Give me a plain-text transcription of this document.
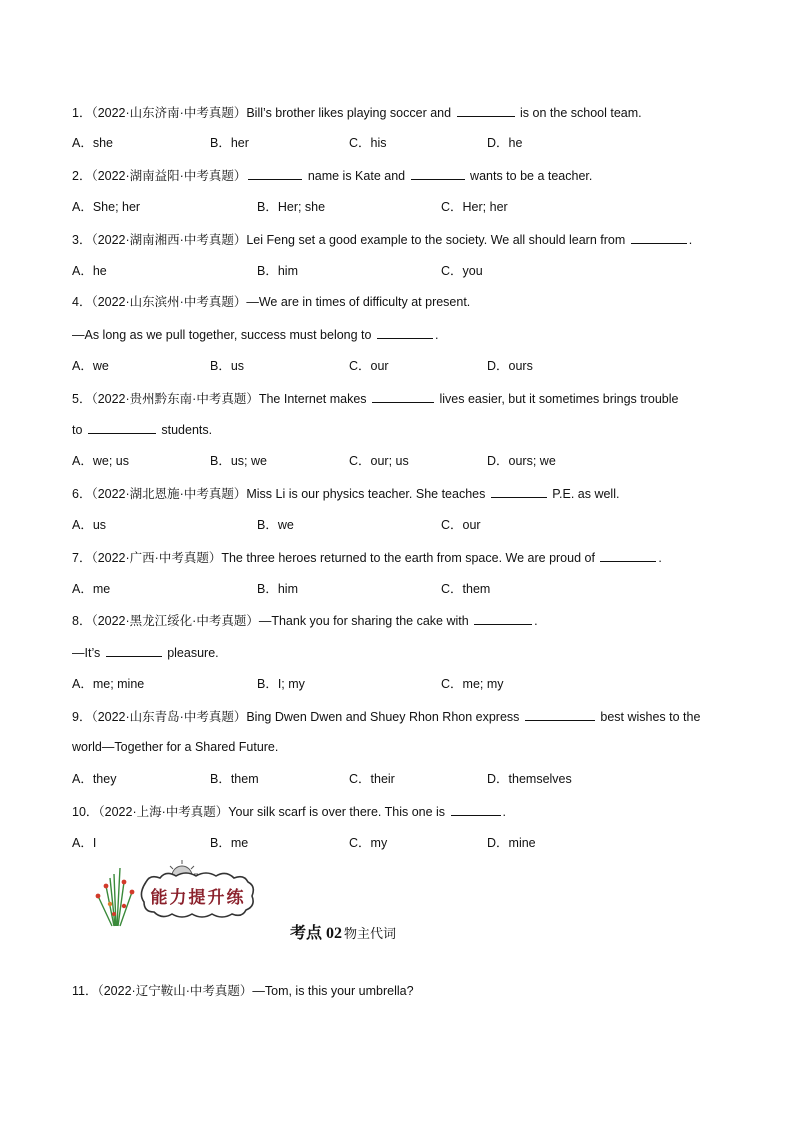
1．（2022·山东济南·中考真题）Bill’s brother likes playing soccer and	is on the school team.
A．she	B．her	C．his	D．he
2．（2022·湖南益阳·中考真题）	name is Kate and	wants to be a teacher.
A．She; her	B．Her; she	C．Her; her
3．（2022·湖南湘西·中考真题）Lei Feng set a good example to the society. We all should learn from	.
A．he	B．him	C．you
4．（2022·山东滨州·中考真题）—We are in times of difficulty at present.
—As long as we pull together, success must belong to	.
A．we	B．us	C．our	D．ours
5．（2022·贵州黔东南·中考真题）The Internet makes	lives easier, but it sometimes brings trouble
to	students.
A．we; us	B．us; we	C．our; us	D．ours; we
6．（2022·湖北恩施·中考真题）Miss Li is our physics teacher. She teaches	P.E. as well.
A．us	B．we	C．our
7．（2022·广西·中考真题）The three heroes returned to the earth from space. We are proud of	.
A．me	B．him	C．them
8．（2022·黑龙江绥化·中考真题）—Thank you for sharing the cake with	.
—It’s	pleasure.
A．me; mine	B．I; my	C．me; my
9．（2022·山东青岛·中考真题）Bing Dwen Dwen and Shuey Rhon Rhon express	best wishes to the
world—Together for a Shared Future.
A．they	B．them	C．their	D．themselves
10．（2022·上海·中考真题）Your silk scarf is over there. This one is	.
A．I	B．me	C．my	D．mine
11．（2022·辽宁鞍山·中考真题）—Tom, is this your umbrella?
能力提升练
考点 02 物主代词
